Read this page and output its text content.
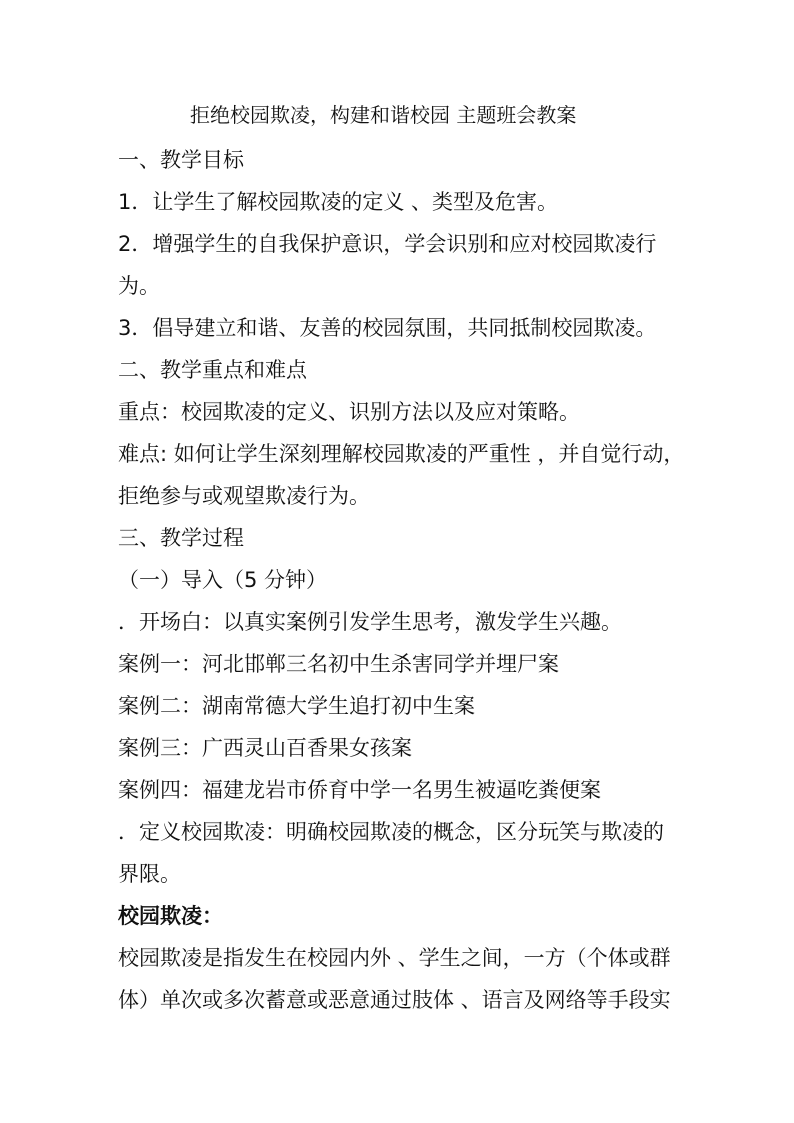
拒绝校园欺凌，构建和谐校园 主题班会教案
一、教学目标
1．让学生了解校园欺凌的定义 、类型及危害。
2．增强学生的自我保护意识，学会识别和应对校园欺凌行
为。
3．倡导建立和谐、友善的校园氛围，共同抵制校园欺凌。
二、教学重点和难点
重点：校园欺凌的定义、识别方法以及应对策略。
难点: 如何让学生深刻理解校园欺凌的严重性 ，并自觉行动，
拒绝参与或观望欺凌行为。
三、教学过程
（一）导入（5 分钟）
．开场白：以真实案例引发学生思考，激发学生兴趣。
案例一：河北邯郸三名初中生杀害同学并埋尸案
案例二：湖南常德大学生追打初中生案
案例三：广西灵山百香果女孩案
案例四：福建龙岩市侨育中学一名男生被逼吃粪便案
．定义校园欺凌：明确校园欺凌的概念，区分玩笑与欺凌的
界限。
校园欺凌：
校园欺凌是指发生在校园内外 、学生之间，一方（个体或群
体）单次或多次蓄意或恶意通过肢体 、语言及网络等手段实
